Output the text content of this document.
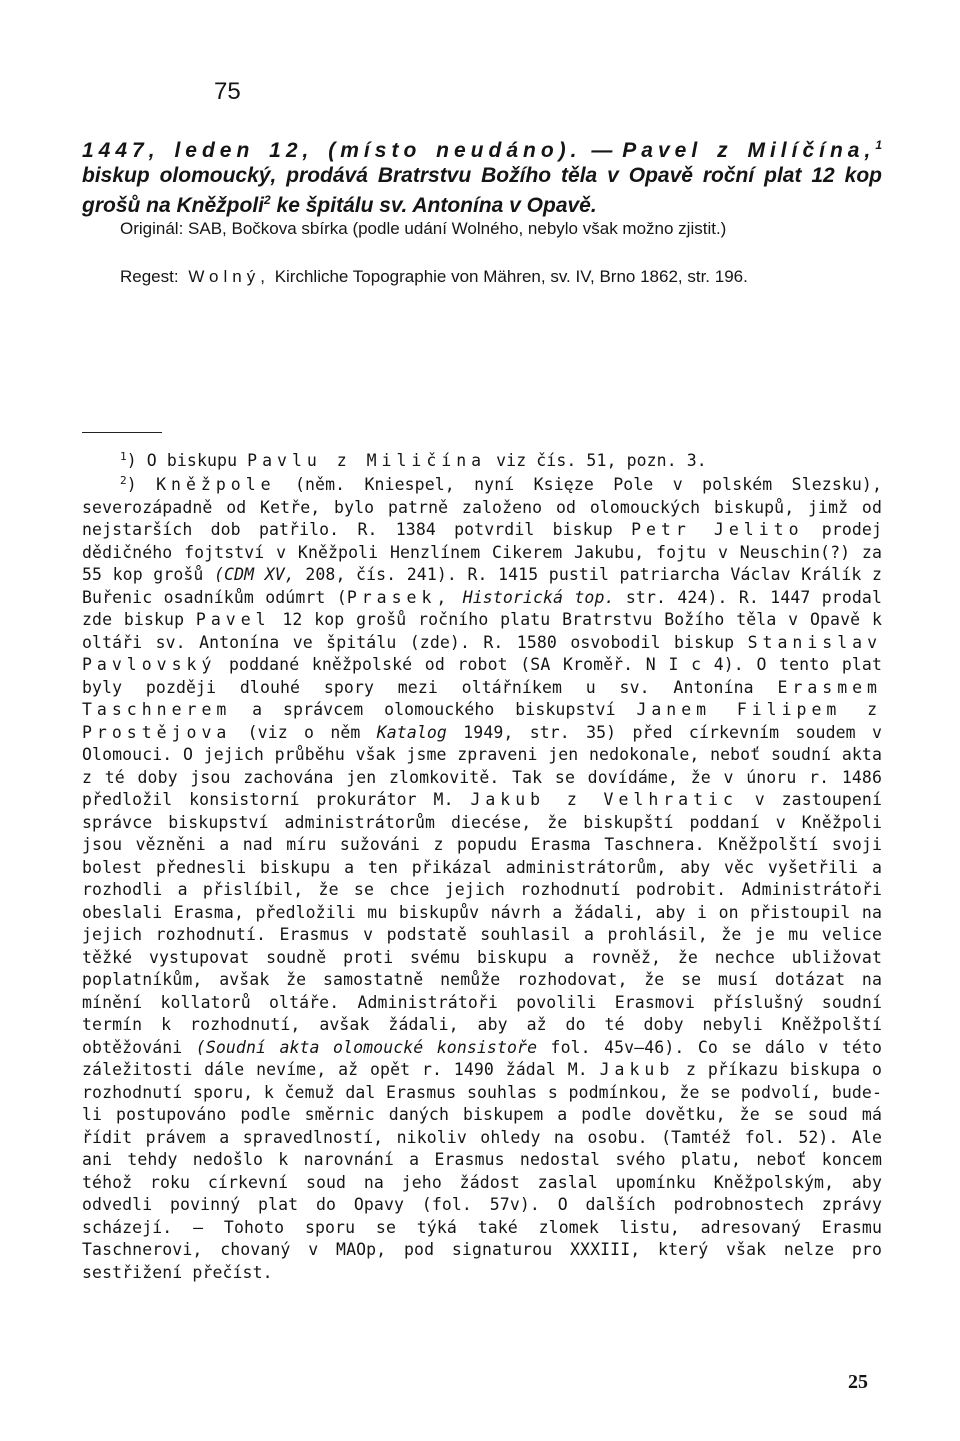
75
1447, leden 12, (místo neudáno). — Pavel z Milíčína,$^1$ biskup olomoucký, prodává Bratrstvu Božího těla v Opavě roční plat 12 kop grošů na Kněžpoli$^2$ ke špitálu sv. Antonína v Opavě.
Originál: SAB, Bočkova sbírka (podle udání Wolného, nebylo však možno zjistit.)
Regest: Wolný, Kirchliche Topographie von Mähren, sv. IV, Brno 1862, str. 196.
$^1$) O biskupu Pavlu z Miličína viz čís. 51, pozn. 3.
$^2$) Kněžpole (něm. Kniespel, nyní Księze Pole v polském Slezsku), severozápadně od Ketře, bylo patrně založeno od olomouckých biskupů, jimž od nejstarších dob patřilo. R. 1384 potvrdil biskup Petr Jelito prodej dědičného fojtství v Kněžpoli Henzlínem Cikerem Jakubu, fojtu v Neuschin(?) za 55 kop grošů (CDM XV, 208, čís. 241). R. 1415 pustil patriarcha Václav Králík z Buřenic osadníkům odúmrt (Prasek, Historická top. str. 424). R. 1447 prodal zde biskup Pavel 12 kop grošů ročního platu Bratrstvu Božího těla v Opavě k oltáři sv. Antonína ve špitálu (zde). R. 1580 osvobodil biskup Stanislav Pavlovský poddané kněžpolské od robot (SA Kroměř. N I c 4). O tento plat byly později dlouhé spory mezi oltářníkem u sv. Antonína Erasmem Taschnerem a správcem olomouckého biskupství Janem Filipem z Prostějova (viz o něm Katalog 1949, str. 35) před církevním soudem v Olomouci. O jejich průběhu však jsme zpraveni jen nedokonale, neboť soudní akta z té doby jsou zachována jen zlomkovitě. Tak se dovídáme, že v únoru r. 1486 předložil konsistorní prokurátor M. Jakub z Velhratic v zastoupení správce biskupství administrátorům diecése, že biskupští poddaní v Kněžpoli jsou vězněni a nad míru sužováni z popudu Erasma Taschnera. Kněžpolští svoji bolest přednesli biskupu a ten přikázal administrátorům, aby věc vyšetřili a rozhodli a přislíbil, že se chce jejich rozhodnutí podrobit. Administrátoři obeslali Erasma, předložili mu biskupův návrh a žádali, aby i on přistoupil na jejich rozhodnutí. Erasmus v podstatě souhlasil a prohlásil, že je mu velice těžké vystupovat soudně proti svému biskupu a rovněž, že nechce ubližovat poplatníkům, avšak že samostatně nemůže rozhodovat, že se musí dotázat na mínění kollatorů oltáře. Administrátoři povolili Erasmovi příslušný soudní termín k rozhodnutí, avšak žádali, aby až do té doby nebyli Kněžpolští obtěžováni (Soudní akta olomoucké konsistoře fol. 45v—46). Co se dálo v této záležitosti dále nevíme, až opět r. 1490 žádal M. Jakub z příkazu biskupa o rozhodnutí sporu, k čemuž dal Erasmus souhlas s podmínkou, že se podvolí, bude-li postupováno podle směrnic daných biskupem a podle dovětku, že se soud má řídit právem a spravedlností, nikoliv ohledy na osobu. (Tamtéž fol. 52). Ale ani tehdy nedošlo k narovnání a Erasmus nedostal svého platu, neboť koncem téhož roku církevní soud na jeho žádost zaslal upomínku Kněžpolským, aby odvedli povinný plat do Opavy (fol. 57v). O dalších podrobnostech zprávy scházejí. — Tohoto sporu se týká také zlomek listu, adresovaný Erasmu Taschnerovi, chovaný v MAOp, pod signaturou XXXIII, který však nelze pro sestřižení přečíst.
25
